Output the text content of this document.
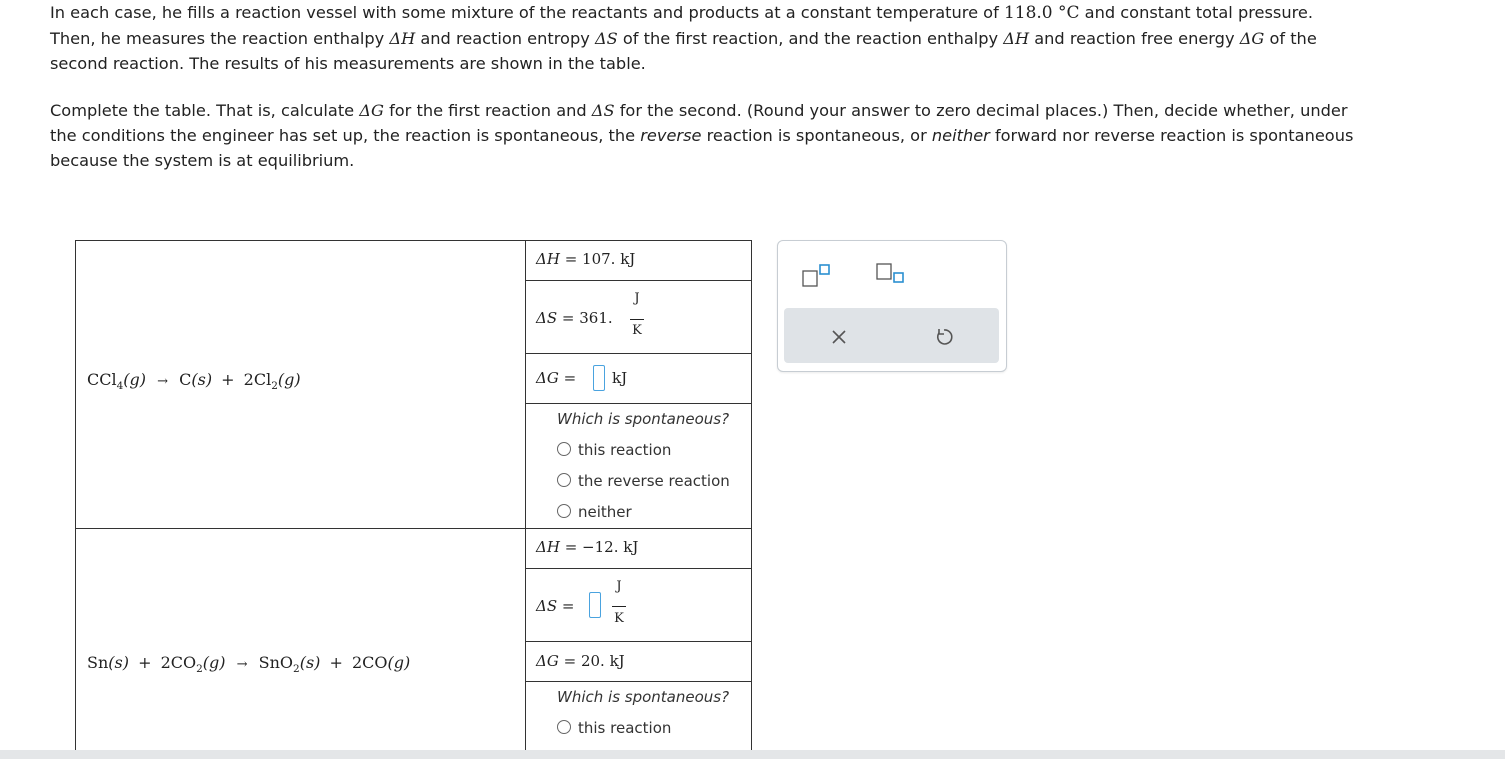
In each case, he fills a reaction vessel with some mixture of the reactants and products at a constant temperature of 118.0 °C and constant total pressure.
Then, he measures the reaction enthalpy ΔH and reaction entropy ΔS of the first reaction, and the reaction enthalpy ΔH and reaction free energy ΔG of the
second reaction. The results of his measurements are shown in the table.
Complete the table. That is, calculate ΔG for the first reaction and ΔS for the second. (Round your answer to zero decimal places.) Then, decide whether, under
the conditions the engineer has set up, the reaction is spontaneous, the reverse reaction is spontaneous, or neither forward nor reverse reaction is spontaneous
because the system is at equilibrium.
$CCl_4(g) \to C(s) + 2Cl_2(g)$
ΔH = 107. kJ
ΔS = 361.
J
K
ΔG = kJ
Which is spontaneous?
this reaction
the reverse reaction
neither
$Sn(s) + 2CO_2(g) \to SnO_2(s) + 2CO(g)$
ΔH = −12. kJ
ΔS =
J
K
ΔG = 20. kJ
Which is spontaneous?
this reaction
